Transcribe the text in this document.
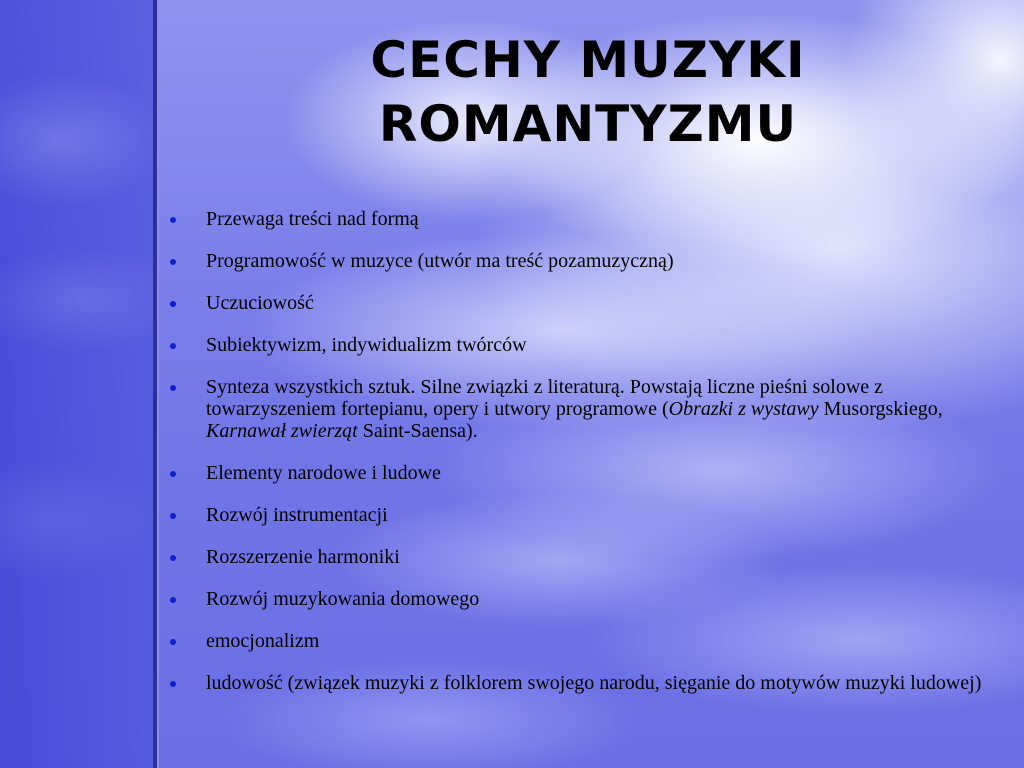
CECHY MUZYKI
ROMANTYZMU
Przewaga treści nad formą
Programowość w muzyce (utwór ma treść pozamuzyczną)
Uczuciowość
Subiektywizm, indywidualizm twórców
Synteza wszystkich sztuk. Silne związki z literaturą. Powstają liczne pieśni solowe z towarzyszeniem fortepianu, opery i utwory programowe (Obrazki z wystawy Musorgskiego, Karnawał zwierząt Saint-Saensa).
Elementy narodowe i ludowe
Rozwój instrumentacji
Rozszerzenie harmoniki
Rozwój muzykowania domowego
emocjonalizm
ludowość (związek muzyki z folklorem swojego narodu, sięganie do motywów muzyki ludowej)
